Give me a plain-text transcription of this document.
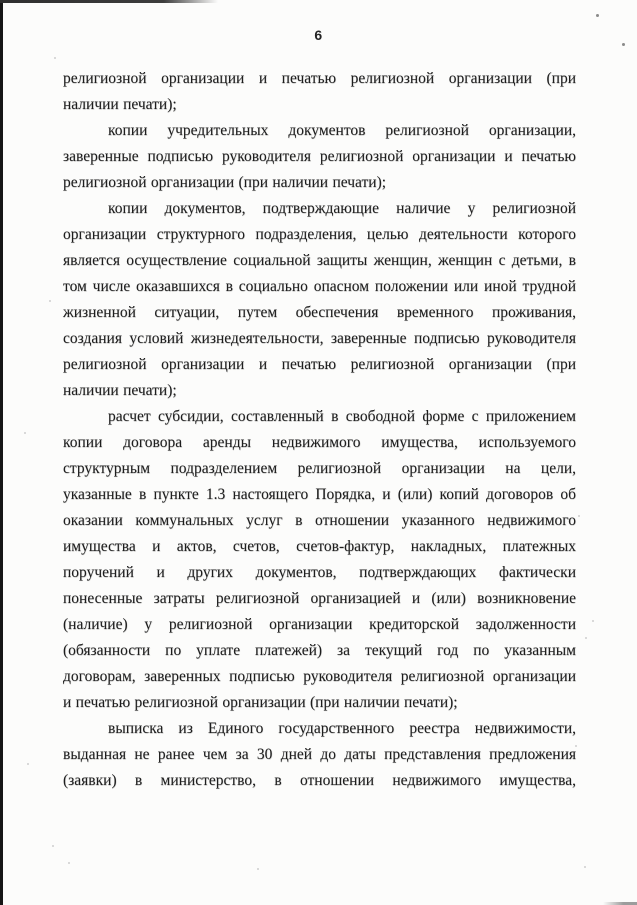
6
религиозной организации и печатью религиозной организации (при
наличии печати);
копии учредительных документов религиозной организации,
заверенные подписью руководителя религиозной организации и печатью
религиозной организации (при наличии печати);
копии документов, подтверждающие наличие у религиозной
организации структурного подразделения, целью деятельности которого
является осуществление социальной защиты женщин, женщин с детьми, в
том числе оказавшихся в социально опасном положении или иной трудной
жизненной ситуации, путем обеспечения временного проживания,
создания условий жизнедеятельности, заверенные подписью руководителя
религиозной организации и печатью религиозной организации (при
наличии печати);
расчет субсидии, составленный в свободной форме с приложением
копии договора аренды недвижимого имущества, используемого
структурным подразделением религиозной организации на цели,
указанные в пункте 1.3 настоящего Порядка, и (или) копий договоров об
оказании коммунальных услуг в отношении указанного недвижимого
имущества и актов, счетов, счетов-фактур, накладных, платежных
поручений и других документов, подтверждающих фактически
понесенные затраты религиозной организацией и (или) возникновение
(наличие) у религиозной организации кредиторской задолженности
(обязанности по уплате платежей) за текущий год по указанным
договорам, заверенных подписью руководителя религиозной организации
и печатью религиозной организации (при наличии печати);
выписка из Единого государственного реестра недвижимости,
выданная не ранее чем за 30 дней до даты представления предложения
(заявки) в министерство, в отношении недвижимого имущества,
